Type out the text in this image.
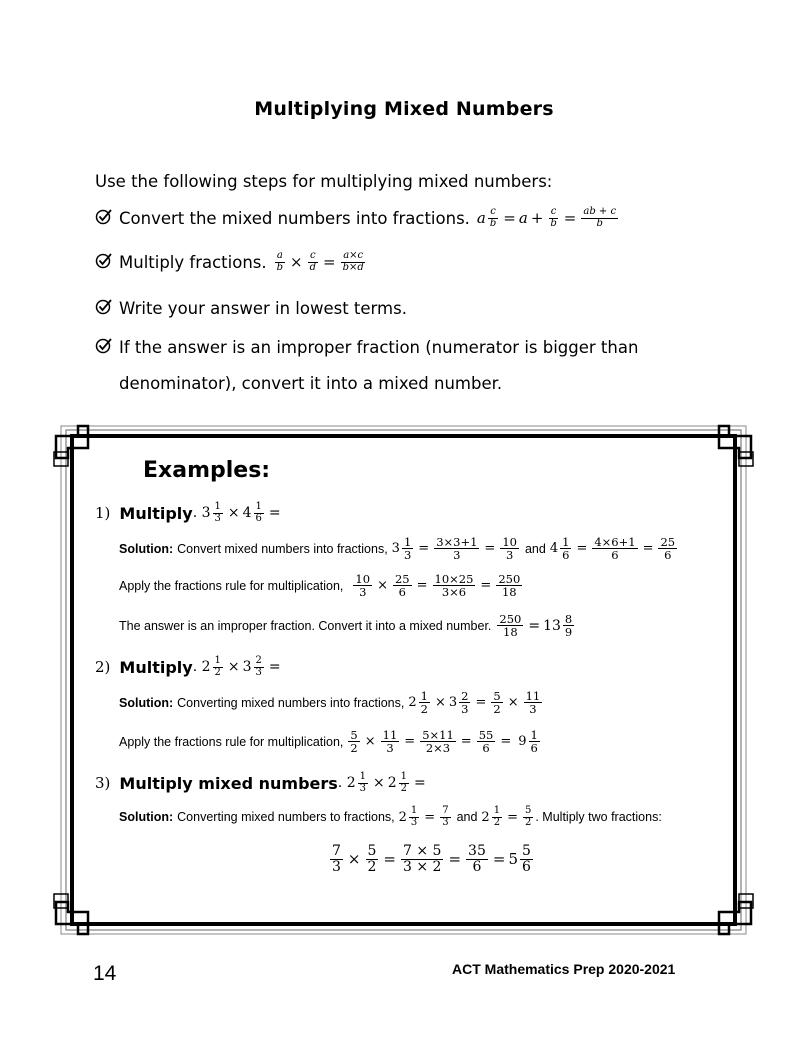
Multiplying Mixed Numbers
Use the following steps for multiplying mixed numbers:
Convert the mixed numbers into fractions. a $\frac{c}{b} = a + \frac{c}{b} = \frac{ab + c}{b}$
Multiply fractions. $\frac{a}{b} \times \frac{c}{d} = \frac{a\times c}{b\times d}$
Write your answer in lowest terms.
If the answer is an improper fraction (numerator is bigger than
denominator), convert it into a mixed number.
Examples:
1) Multiply . $3 \frac{1}{3} \times 4 \frac{1}{6}$ =
Solution: Convert mixed numbers into fractions, $3 \frac{1}{3} = \frac{3\times 3+1}{3} = \frac{10}{3}$ and $4 \frac{1}{6} = \frac{4\times 6+1}{6} = \frac{25}{6}$
Apply the fractions rule for multiplication, $\frac{10}{3} \times \frac{25}{6} = \frac{10\times 25}{3\times 6} = \frac{250}{18}$
The answer is an improper fraction. Convert it into a mixed number. $\frac{250}{18} = 13 \frac{8}{9}$
2) Multiply . $2 \frac{1}{2} \times 3 \frac{2}{3}$ =
Solution: Converting mixed numbers into fractions, $2 \frac{1}{2} \times 3 \frac{2}{3} = \frac{5}{2} \times \frac{11}{3}$
Apply the fractions rule for multiplication, $\frac{5}{2} \times \frac{11}{3} = \frac{5\times 11}{2\times 3} = \frac{55}{6} = 9 \frac{1}{6}$
3) Multiply mixed numbers . $2 \frac{1}{3} \times 2 \frac{1}{2}$ =
Solution: Converting mixed numbers to fractions, $2 \frac{1}{3} = \frac{7}{3}$ and $2 \frac{1}{2} = \frac{5}{2}$ . Multiply two fractions:
$\frac{7}{3} \times \frac{5}{2} = \frac{7 \times 5}{3 \times 2} = \frac{35}{6} = 5 \frac{5}{6}$
14	ACT Mathematics Prep 2020-2021
